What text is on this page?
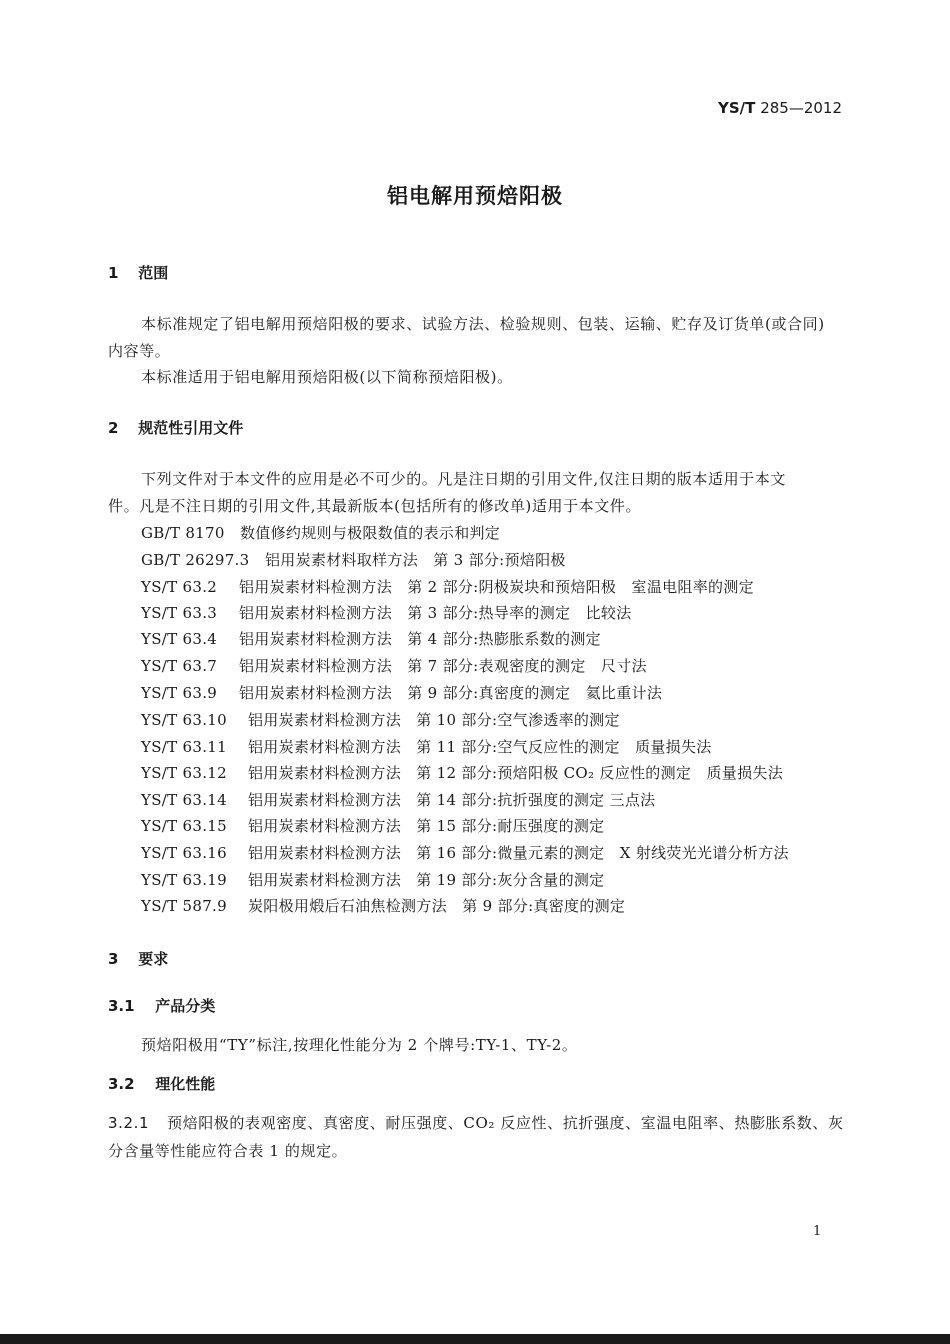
YS/T 285—2012
铝电解用预焙阳极
1 范围
本标准规定了铝电解用预焙阳极的要求、试验方法、检验规则、包装、运输、贮存及订货单(或合同)
内容等。
本标准适用于铝电解用预焙阳极(以下简称预焙阳极)。
2 规范性引用文件
下列文件对于本文件的应用是必不可少的。凡是注日期的引用文件,仅注日期的版本适用于本文
件。凡是不注日期的引用文件,其最新版本(包括所有的修改单)适用于本文件。
GB/T 8170 数值修约规则与极限数值的表示和判定
GB/T 26297.3 铝用炭素材料取样方法　第 3 部分:预焙阳极
YS/T 63.2 铝用炭素材料检测方法　第 2 部分:阴极炭块和预焙阳极　室温电阻率的测定
YS/T 63.3 铝用炭素材料检测方法　第 3 部分:热导率的测定　比较法
YS/T 63.4 铝用炭素材料检测方法　第 4 部分:热膨胀系数的测定
YS/T 63.7 铝用炭素材料检测方法　第 7 部分:表观密度的测定　尺寸法
YS/T 63.9 铝用炭素材料检测方法　第 9 部分:真密度的测定　氦比重计法
YS/T 63.10 铝用炭素材料检测方法　第 10 部分:空气渗透率的测定
YS/T 63.11 铝用炭素材料检测方法　第 11 部分:空气反应性的测定　质量损失法
YS/T 63.12 铝用炭素材料检测方法　第 12 部分:预焙阳极 CO₂ 反应性的测定　质量损失法
YS/T 63.14 铝用炭素材料检测方法　第 14 部分:抗折强度的测定 三点法
YS/T 63.15 铝用炭素材料检测方法　第 15 部分:耐压强度的测定
YS/T 63.16 铝用炭素材料检测方法　第 16 部分:微量元素的测定　X 射线荧光光谱分析方法
YS/T 63.19 铝用炭素材料检测方法　第 19 部分:灰分含量的测定
YS/T 587.9 炭阳极用煅后石油焦检测方法　第 9 部分:真密度的测定
3 要求
3.1 产品分类
预焙阳极用“TY”标注,按理化性能分为 2 个牌号:TY-1、TY-2。
3.2 理化性能
3.2.1 预焙阳极的表观密度、真密度、耐压强度、CO₂ 反应性、抗折强度、室温电阻率、热膨胀系数、灰
分含量等性能应符合表 1 的规定。
1
